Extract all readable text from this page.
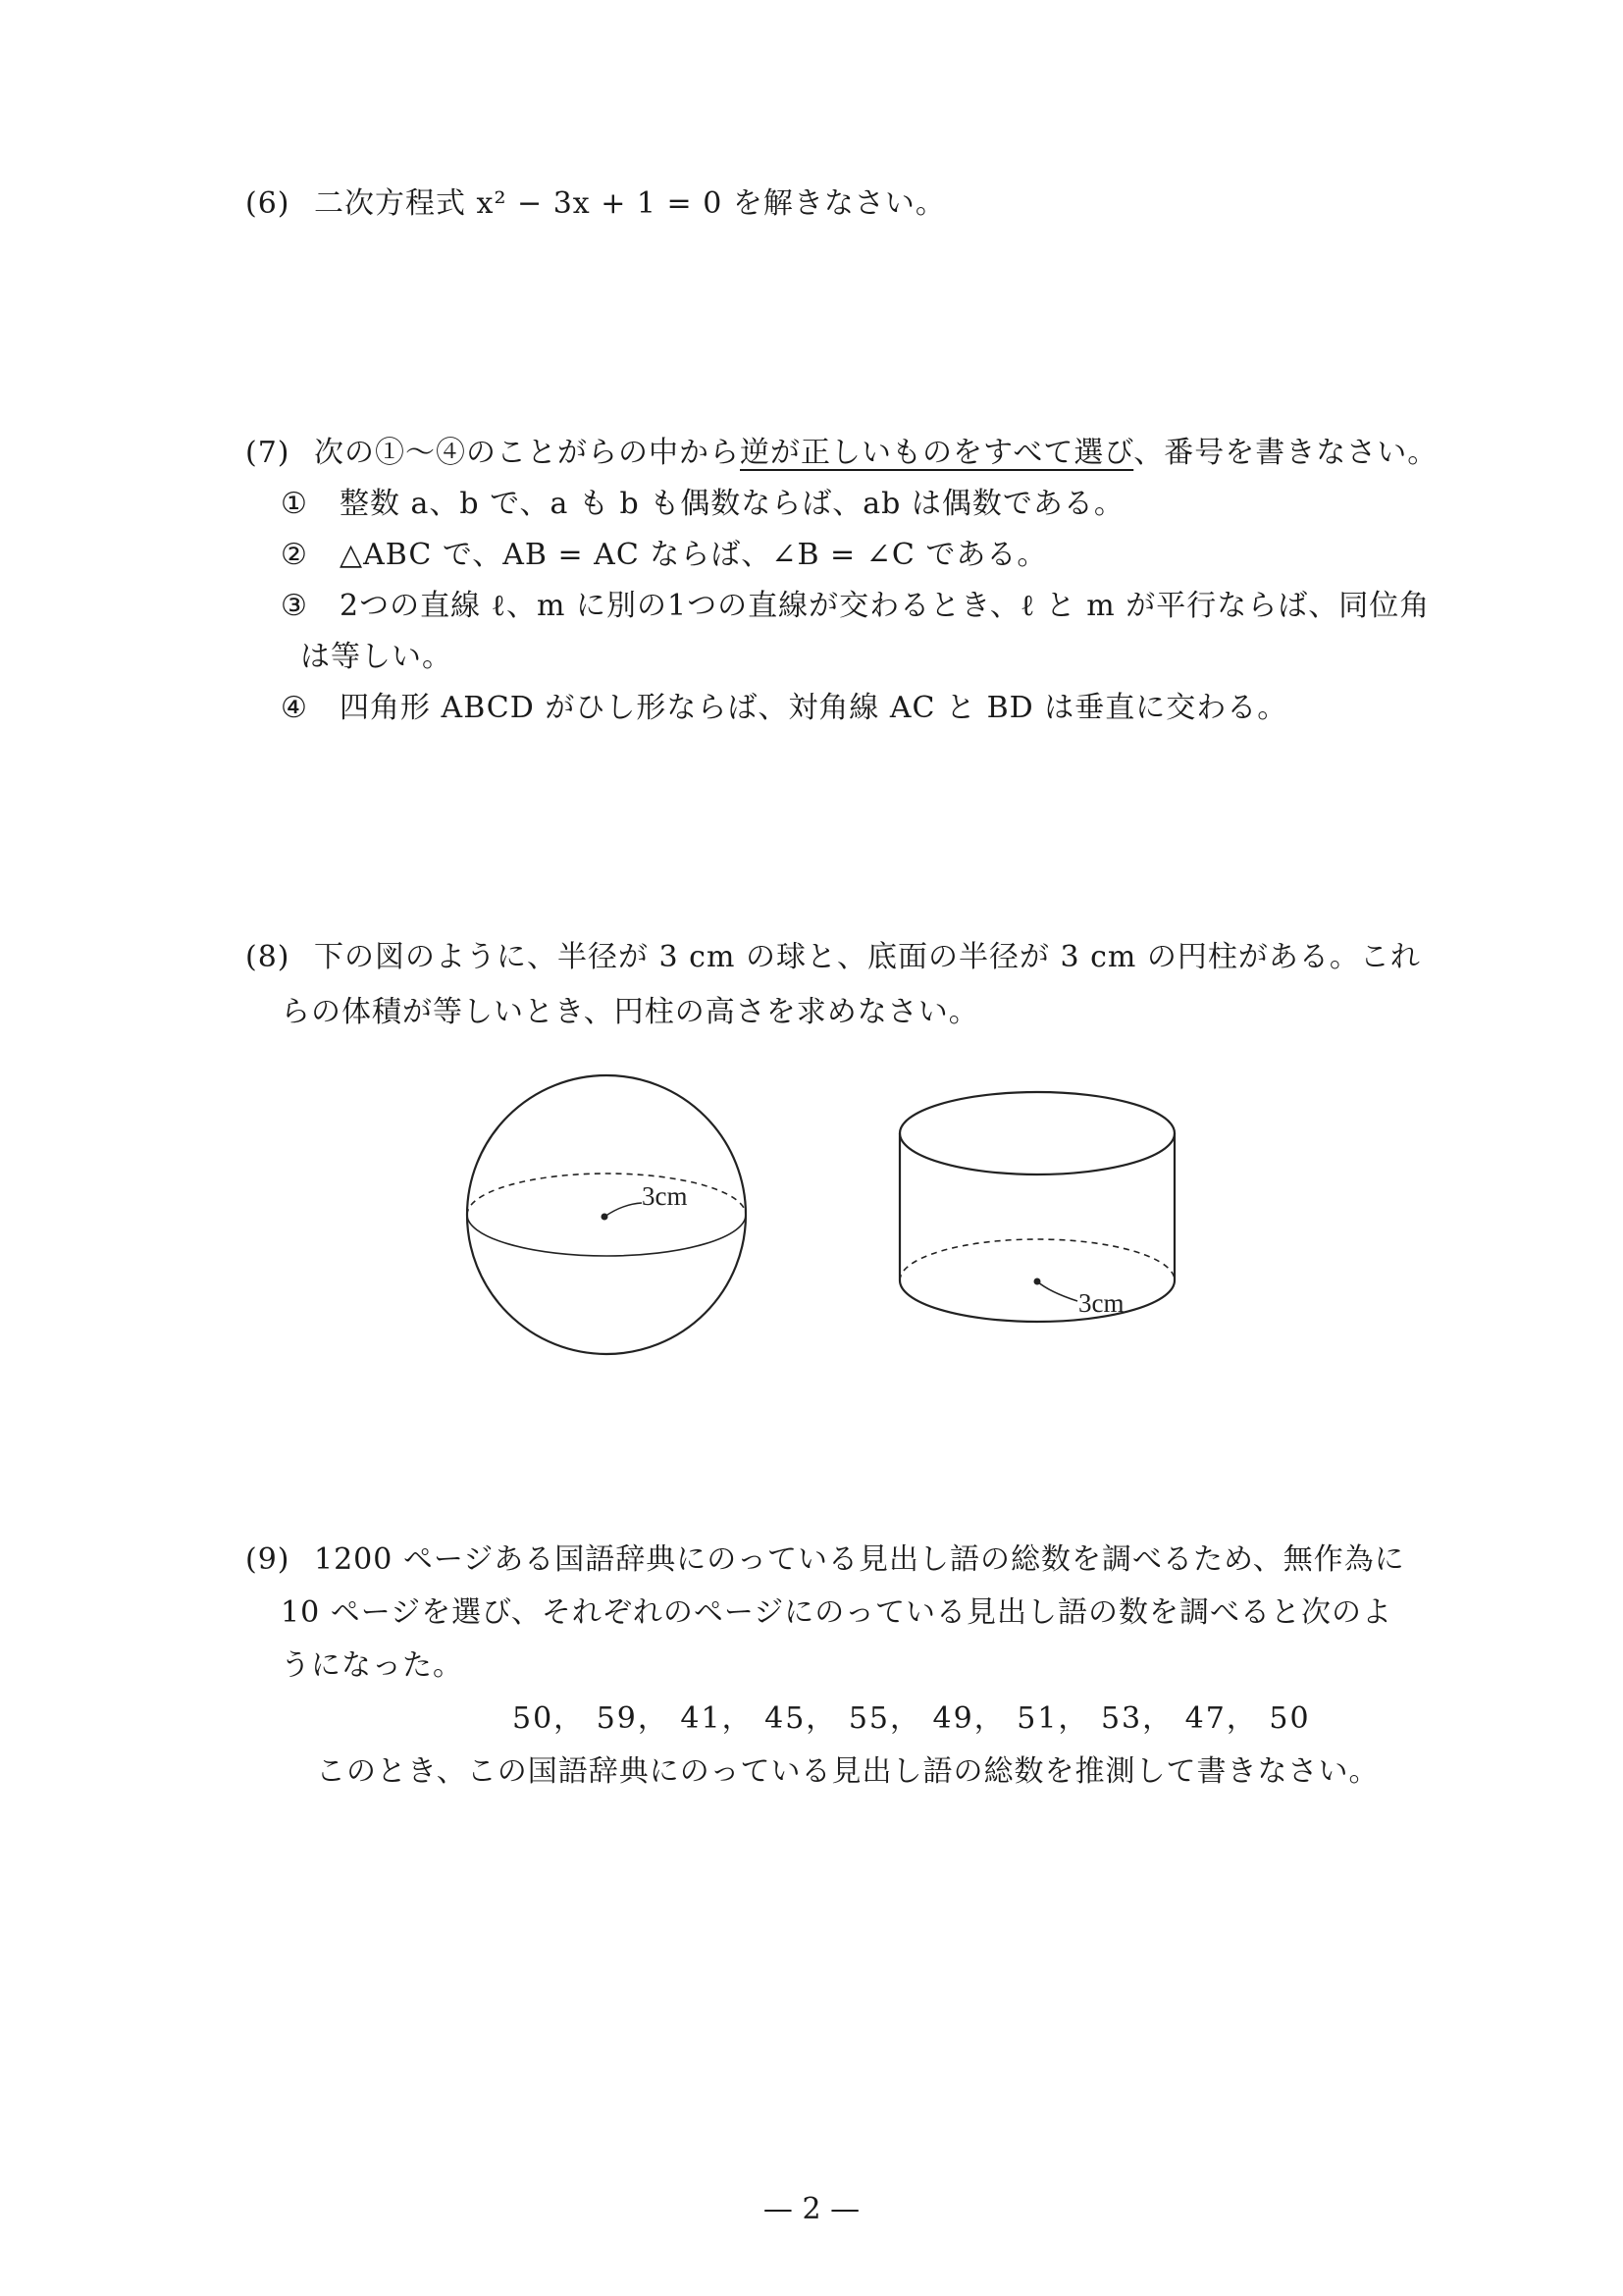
(6) 二次方程式 x² − 3x + 1 = 0 を解きなさい。
(7) 次の①〜④のことがらの中から逆が正しいものをすべて選び、番号を書きなさい。
① 整数 a、b で、a も b も偶数ならば、ab は偶数である。
② △ABC で、AB = AC ならば、∠B = ∠C である。
③ 2つの直線 ℓ、m に別の1つの直線が交わるとき、ℓ と m が平行ならば、同位角
は等しい。
④ 四角形 ABCD がひし形ならば、対角線 AC と BD は垂直に交わる。
(8) 下の図のように、半径が 3 cm の球と、底面の半径が 3 cm の円柱がある。これ
らの体積が等しいとき、円柱の高さを求めなさい。
3cm
3cm
(9) 1200 ページある国語辞典にのっている見出し語の総数を調べるため、無作為に
10 ページを選び、それぞれのページにのっている見出し語の数を調べると次のよ
うになった。
50， 59， 41， 45， 55， 49， 51， 53， 47， 50
このとき、この国語辞典にのっている見出し語の総数を推測して書きなさい。
— 2 —
